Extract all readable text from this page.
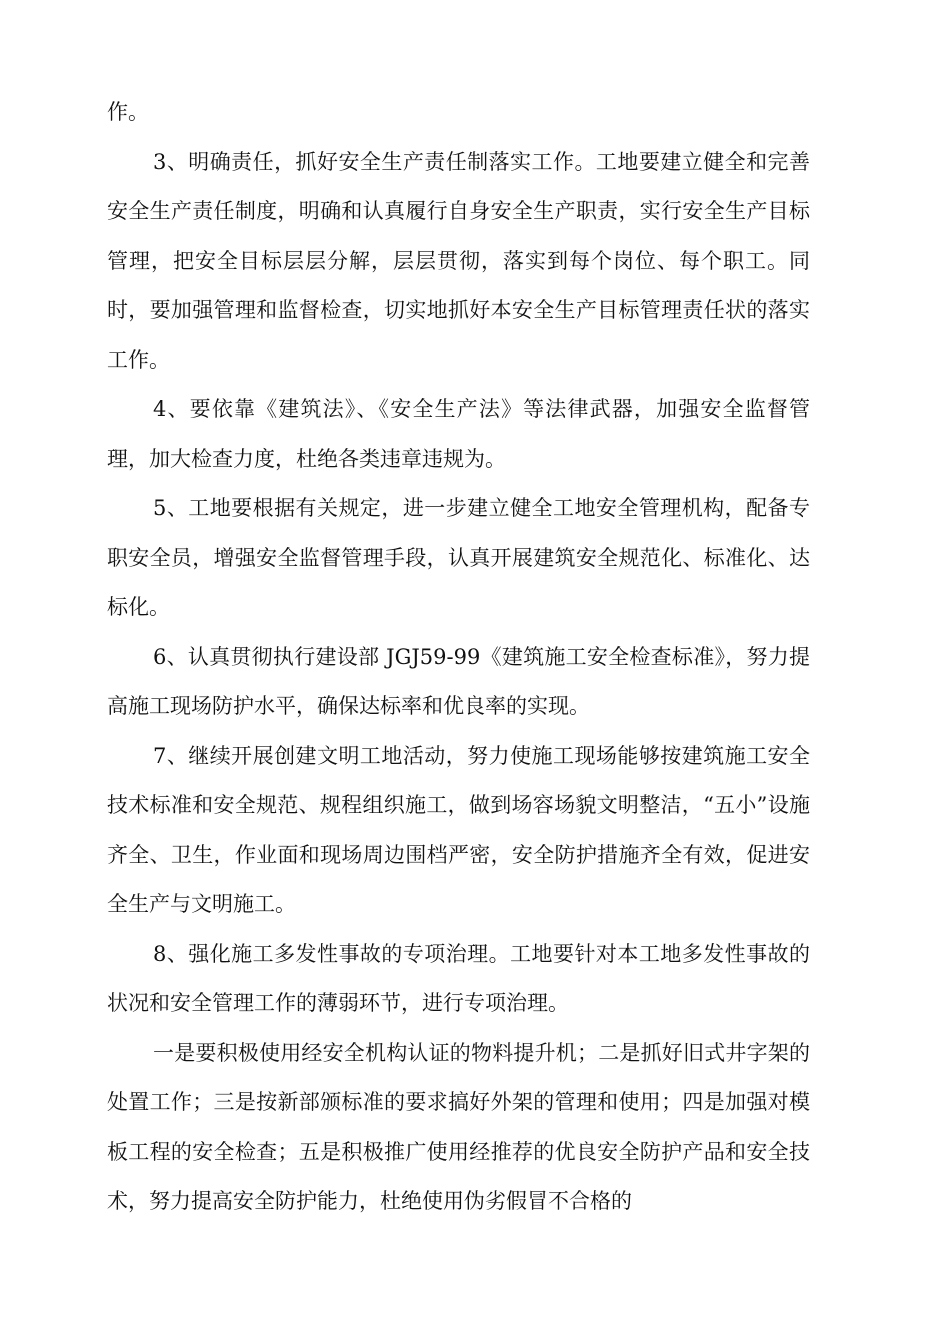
作。

3、明确责任，抓好安全生产责任制落实工作。工地要建立健全和完善安全生产责任制度，明确和认真履行自身安全生产职责，实行安全生产目标管理，把安全目标层层分解，层层贯彻，落实到每个岗位、每个职工。同时，要加强管理和监督检查，切实地抓好本安全生产目标管理责任状的落实工作。

4、要依靠《建筑法》、《安全生产法》等法律武器，加强安全监督管理，加大检查力度，杜绝各类违章违规为。

5、工地要根据有关规定，进一步建立健全工地安全管理机构，配备专职安全员，增强安全监督管理手段，认真开展建筑安全规范化、标准化、达标化。

6、认真贯彻执行建设部 JGJ59-99《建筑施工安全检查标准》，努力提高施工现场防护水平，确保达标率和优良率的实现。

7、继续开展创建文明工地活动，努力使施工现场能够按建筑施工安全技术标准和安全规范、规程组织施工，做到场容场貌文明整洁，“五小”设施齐全、卫生，作业面和现场周边围档严密，安全防护措施齐全有效，促进安全生产与文明施工。

8、强化施工多发性事故的专项治理。工地要针对本工地多发性事故的状况和安全管理工作的薄弱环节，进行专项治理。

一是要积极使用经安全机构认证的物料提升机；二是抓好旧式井字架的处置工作；三是按新部颁标准的要求搞好外架的管理和使用；四是加强对模板工程的安全检查；五是积极推广使用经推荐的优良安全防护产品和安全技术，努力提高安全防护能力，杜绝使用伪劣假冒不合格的
